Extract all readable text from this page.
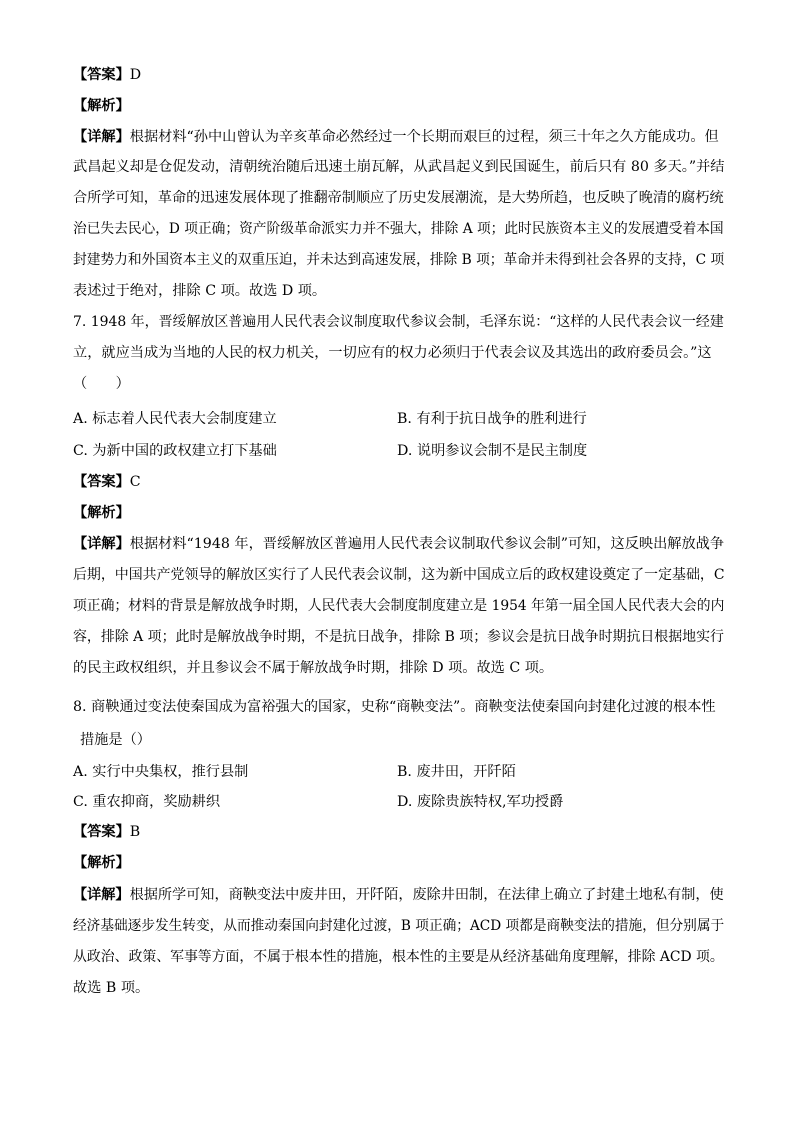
【答案】D
【解析】
【详解】根据材料“孙中山曾认为辛亥革命必然经过一个长期而艰巨的过程，须三十年之久方能成功。但
武昌起义却是仓促发动，清朝统治随后迅速土崩瓦解，从武昌起义到民国诞生，前后只有 80 多天。”并结
合所学可知，革命的迅速发展体现了推翻帝制顺应了历史发展潮流，是大势所趋，也反映了晚清的腐朽统
治已失去民心，D 项正确；资产阶级革命派实力并不强大，排除 A 项；此时民族资本主义的发展遭受着本国
封建势力和外国资本主义的双重压迫，并未达到高速发展，排除 B 项；革命并未得到社会各界的支持，C 项
表述过于绝对，排除 C 项。故选 D 项。
7. 1948 年，晋绥解放区普遍用人民代表会议制度取代参议会制，毛泽东说：“这样的人民代表会议一经建
立，就应当成为当地的人民的权力机关，一切应有的权力必须归于代表会议及其选出的政府委员会。”这
（　　）
A. 标志着人民代表大会制度建立	B. 有利于抗日战争的胜利进行
C. 为新中国的政权建立打下基础	D. 说明参议会制不是民主制度
【答案】C
【解析】
【详解】根据材料“1948 年，晋绥解放区普遍用人民代表会议制取代参议会制”可知，这反映出解放战争
后期，中国共产党领导的解放区实行了人民代表会议制，这为新中国成立后的政权建设奠定了一定基础，C
项正确；材料的背景是解放战争时期，人民代表大会制度制度建立是 1954 年第一届全国人民代表大会的内
容，排除 A 项；此时是解放战争时期，不是抗日战争，排除 B 项；参议会是抗日战争时期抗日根据地实行
的民主政权组织，并且参议会不属于解放战争时期，排除 D 项。故选 C 项。
8. 商鞅通过变法使秦国成为富裕强大的国家，史称“商鞅变法”。商鞅变法使秦国向封建化过渡的根本性
措施是（）
A. 实行中央集权，推行县制	B. 废井田，开阡陌
C. 重农抑商，奖励耕织	D. 废除贵族特权,军功授爵
【答案】B
【解析】
【详解】根据所学可知，商鞅变法中废井田，开阡陌，废除井田制，在法律上确立了封建土地私有制，使
经济基础逐步发生转变，从而推动秦国向封建化过渡，B 项正确；ACD 项都是商鞅变法的措施，但分别属于
从政治、政策、军事等方面，不属于根本性的措施，根本性的主要是从经济基础角度理解，排除 ACD 项。
故选 B 项。
